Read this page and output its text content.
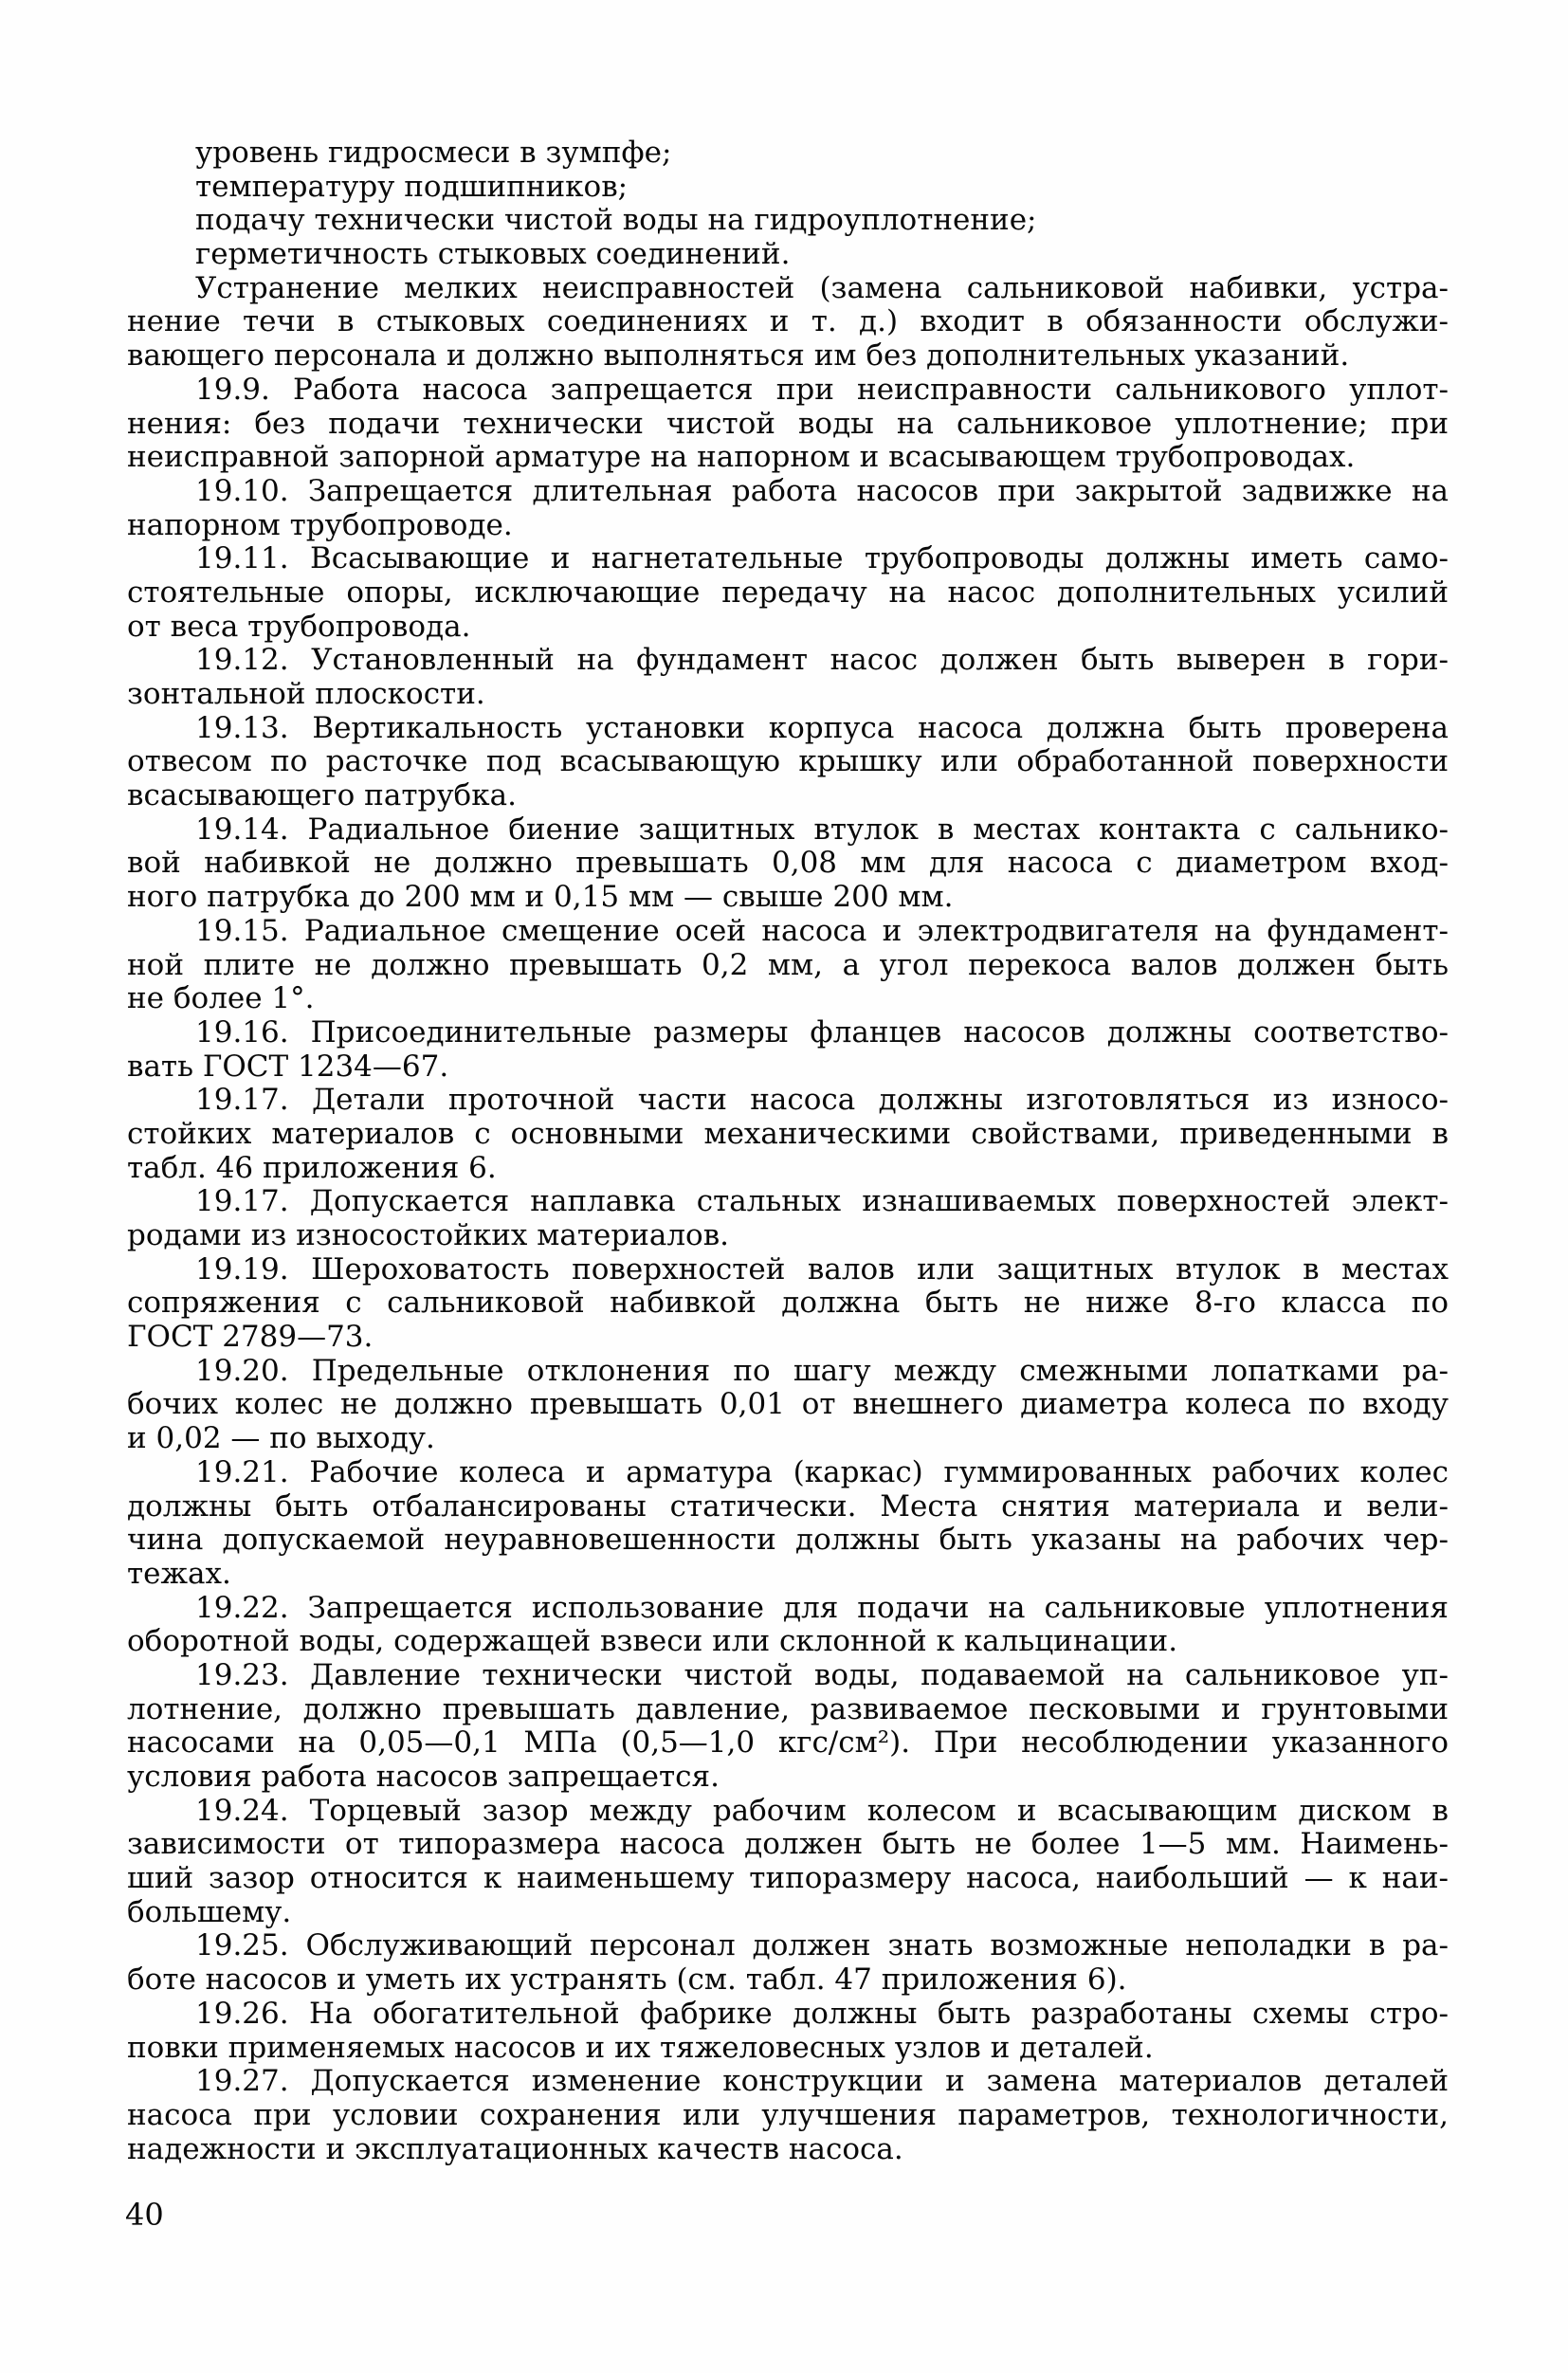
уровень гидросмеси в зумпфе;
температуру подшипников;
подачу технически чистой воды на гидроуплотнение;
герметичность стыковых соединений.
Устранение мелких неисправностей (замена сальниковой набивки, устра-
нение течи в стыковых соединениях и т. д.) входит в обязанности обслужи-
вающего персонала и должно выполняться им без дополнительных указаний.
19.9. Работа насоса запрещается при неисправности сальникового уплот-
нения: без подачи технически чистой воды на сальниковое уплотнение; при
неисправной запорной арматуре на напорном и всасывающем трубопроводах.
19.10. Запрещается длительная работа насосов при закрытой задвижке на
напорном трубопроводе.
19.11. Всасывающие и нагнетательные трубопроводы должны иметь само-
стоятельные опоры, исключающие передачу на насос дополнительных усилий
от веса трубопровода.
19.12. Установленный на фундамент насос должен быть выверен в гори-
зонтальной плоскости.
19.13. Вертикальность установки корпуса насоса должна быть проверена
отвесом по расточке под всасывающую крышку или обработанной поверхности
всасывающего патрубка.
19.14. Радиальное биение защитных втулок в местах контакта с сальнико-
вой набивкой не должно превышать 0,08 мм для насоса с диаметром вход-
ного патрубка до 200 мм и 0,15 мм — свыше 200 мм.
19.15. Радиальное смещение осей насоса и электродвигателя на фундамент-
ной плите не должно превышать 0,2 мм, а угол перекоса валов должен быть
не более 1°.
19.16. Присоединительные размеры фланцев насосов должны соответство-
вать ГОСТ 1234—67.
19.17. Детали проточной части насоса должны изготовляться из износо-
стойких материалов с основными механическими свойствами, приведенными в
табл. 46 приложения 6.
19.17. Допускается наплавка стальных изнашиваемых поверхностей элект-
родами из износостойких материалов.
19.19. Шероховатость поверхностей валов или защитных втулок в местах
сопряжения с сальниковой набивкой должна быть не ниже 8-го класса по
ГОСТ 2789—73.
19.20. Предельные отклонения по шагу между смежными лопатками ра-
бочих колес не должно превышать 0,01 от внешнего диаметра колеса по входу
и 0,02 — по выходу.
19.21. Рабочие колеса и арматура (каркас) гуммированных рабочих колес
должны быть отбалансированы статически. Места снятия материала и вели-
чина допускаемой неуравновешенности должны быть указаны на рабочих чер-
тежах.
19.22. Запрещается использование для подачи на сальниковые уплотнения
оборотной воды, содержащей взвеси или склонной к кальцинации.
19.23. Давление технически чистой воды, подаваемой на сальниковое уп-
лотнение, должно превышать давление, развиваемое песковыми и грунтовыми
насосами на 0,05—0,1 МПа (0,5—1,0 кгс/см²). При несоблюдении указанного
условия работа насосов запрещается.
19.24. Торцевый зазор между рабочим колесом и всасывающим диском в
зависимости от типоразмера насоса должен быть не более 1—5 мм. Наимень-
ший зазор относится к наименьшему типоразмеру насоса, наибольший — к наи-
большему.
19.25. Обслуживающий персонал должен знать возможные неполадки в ра-
боте насосов и уметь их устранять (см. табл. 47 приложения 6).
19.26. На обогатительной фабрике должны быть разработаны схемы стро-
повки применяемых насосов и их тяжеловесных узлов и деталей.
19.27. Допускается изменение конструкции и замена материалов деталей
насоса при условии сохранения или улучшения параметров, технологичности,
надежности и эксплуатационных качеств насоса.
40
